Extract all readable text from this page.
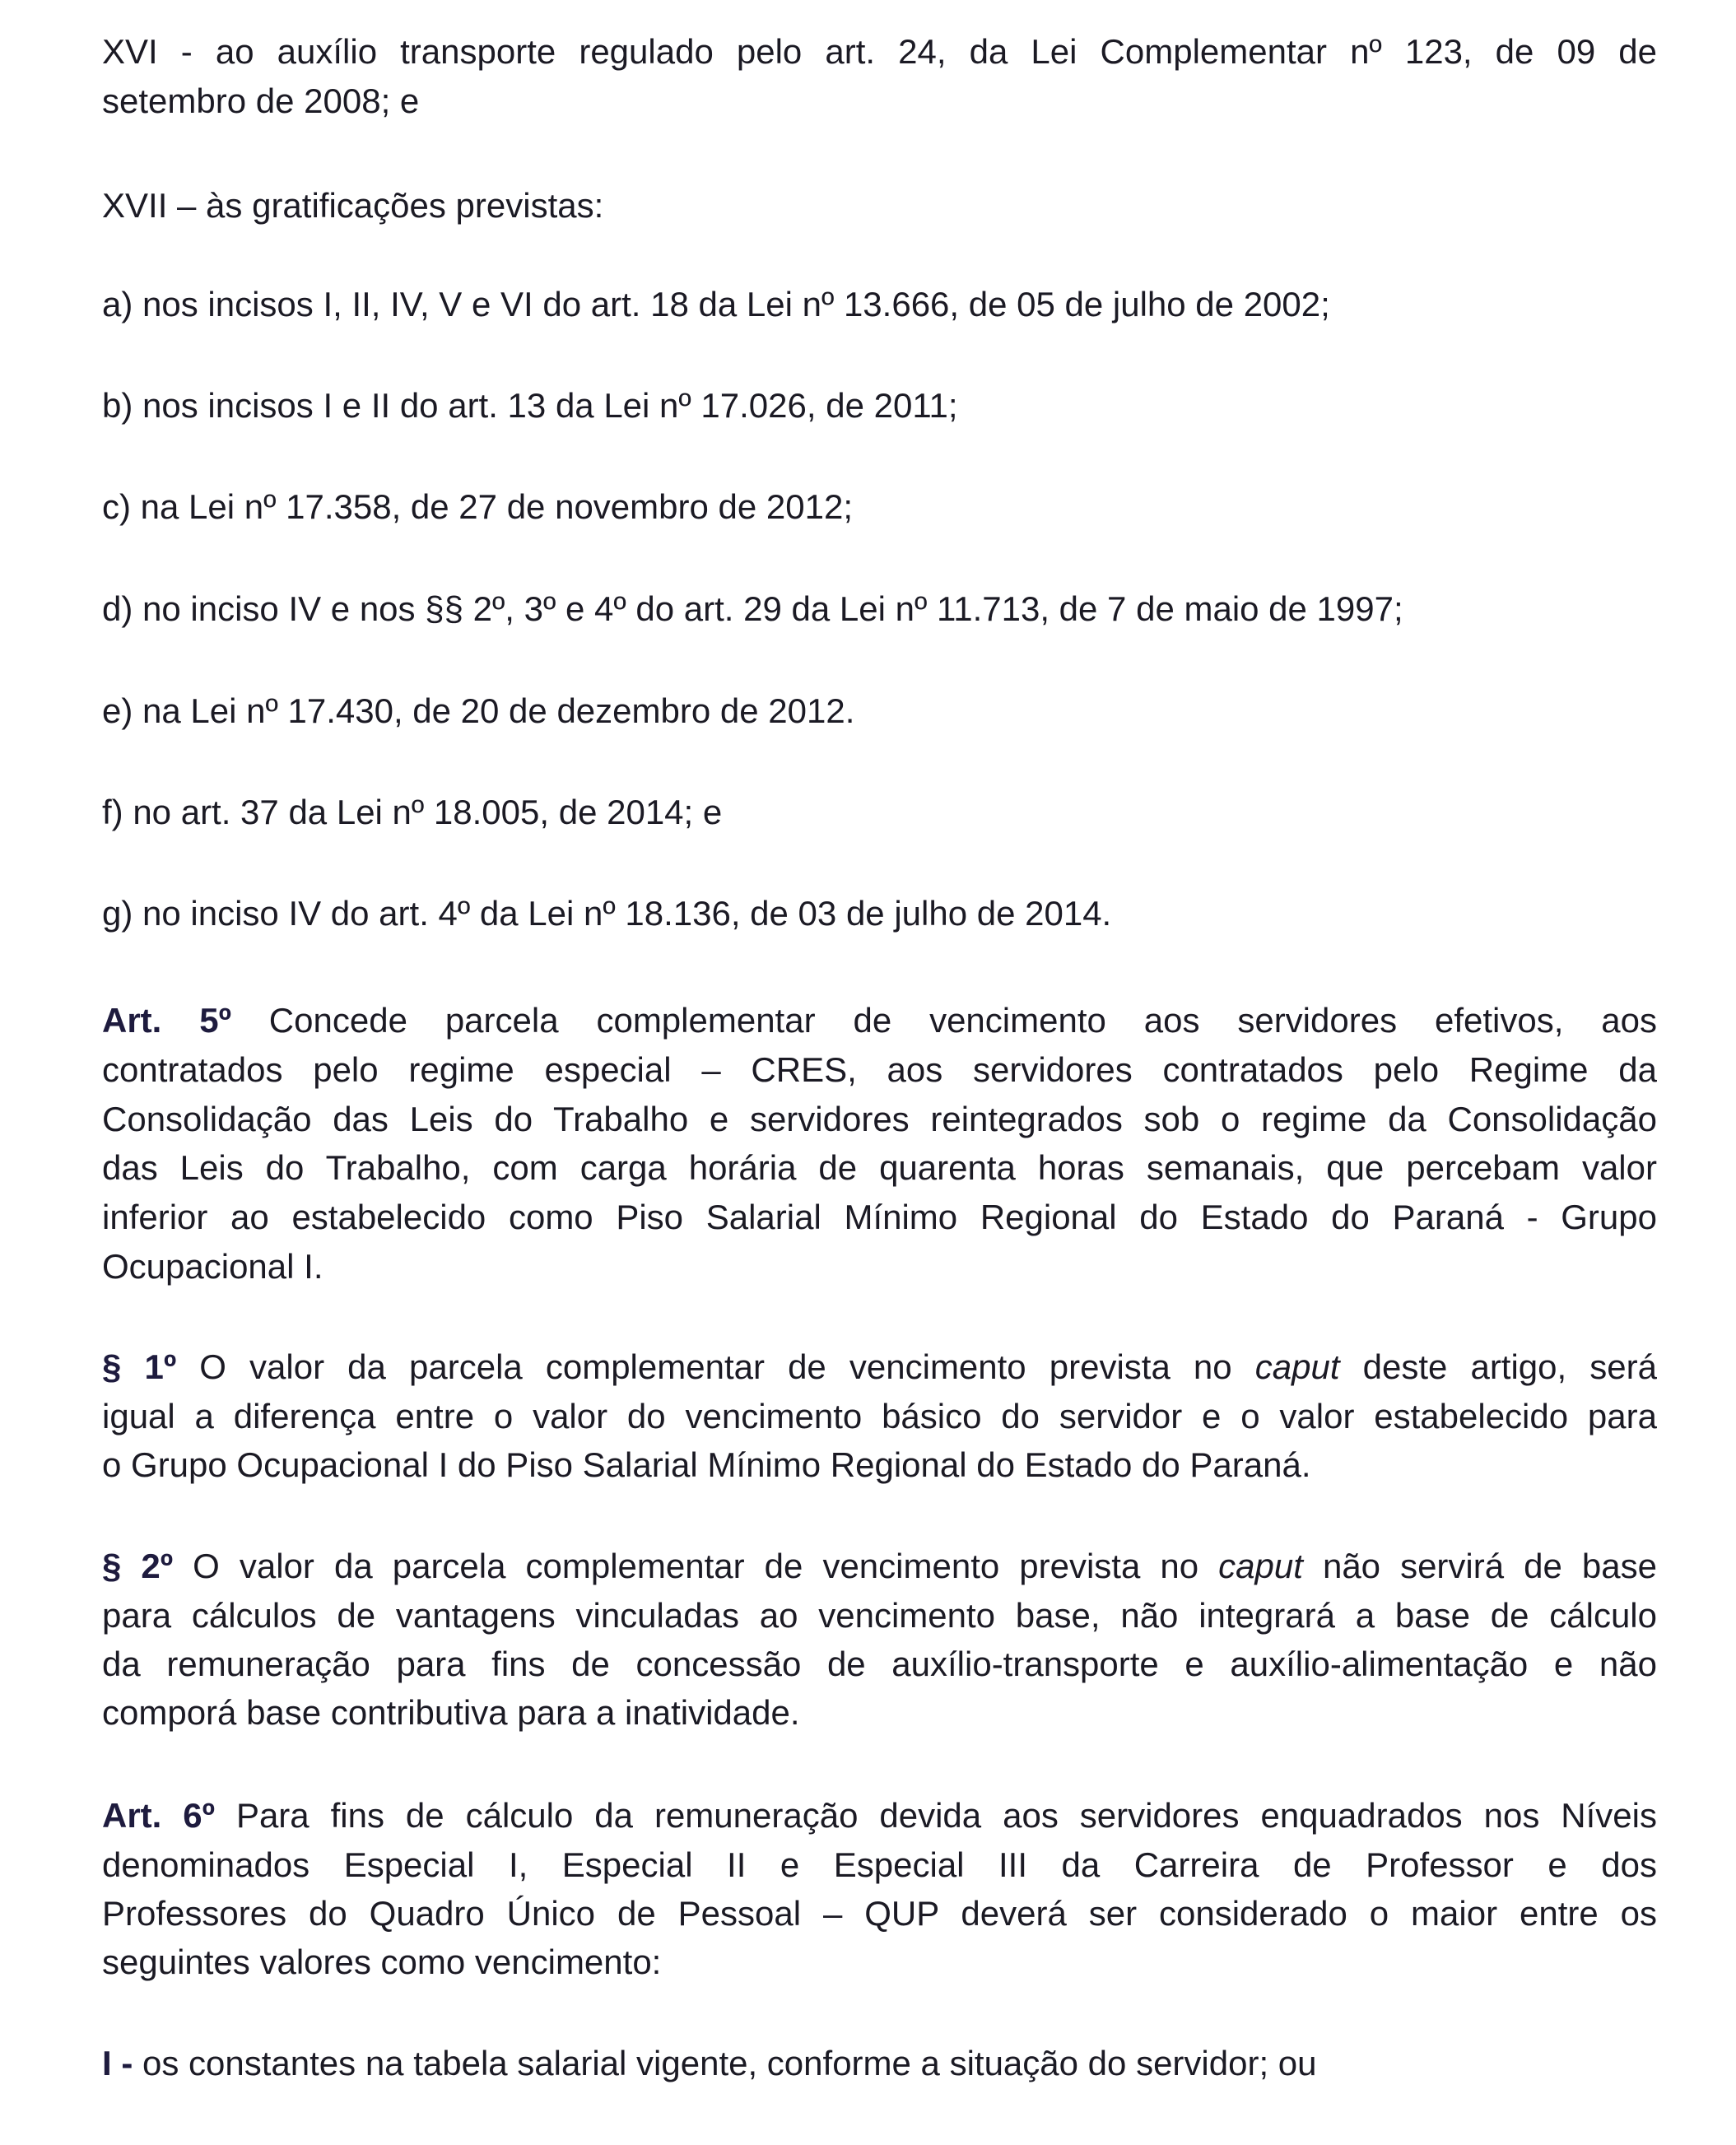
XVI - ao auxílio transporte regulado pelo art. 24, da Lei Complementar nº 123, de 09 de
setembro de 2008; e
XVII – às gratificações previstas:
a) nos incisos I, II, IV, V e VI do art. 18 da Lei nº 13.666, de 05 de julho de 2002;
b) nos incisos I e II do art. 13 da Lei nº 17.026, de 2011;
c) na Lei nº 17.358, de 27 de novembro de 2012;
d) no inciso IV e nos §§ 2º, 3º e 4º do art. 29 da Lei nº 11.713, de 7 de maio de 1997;
e) na Lei nº 17.430, de 20 de dezembro de 2012.
f) no art. 37 da Lei nº 18.005, de 2014; e
g) no inciso IV do art. 4º da Lei nº 18.136, de 03 de julho de 2014.
Art. 5º Concede parcela complementar de vencimento aos servidores efetivos, aos
contratados pelo regime especial – CRES, aos servidores contratados pelo Regime da
Consolidação das Leis do Trabalho e servidores reintegrados sob o regime da Consolidação
das Leis do Trabalho, com carga horária de quarenta horas semanais, que percebam valor
inferior ao estabelecido como Piso Salarial Mínimo Regional do Estado do Paraná - Grupo
Ocupacional I.
§ 1º O valor da parcela complementar de vencimento prevista no caput deste artigo, será
igual a diferença entre o valor do vencimento básico do servidor e o valor estabelecido para
o Grupo Ocupacional I do Piso Salarial Mínimo Regional do Estado do Paraná.
§ 2º O valor da parcela complementar de vencimento prevista no caput não servirá de base
para cálculos de vantagens vinculadas ao vencimento base, não integrará a base de cálculo
da remuneração para fins de concessão de auxílio-transporte e auxílio-alimentação e não
comporá base contributiva para a inatividade.
Art. 6º Para fins de cálculo da remuneração devida aos servidores enquadrados nos Níveis
denominados Especial I, Especial II e Especial III da Carreira de Professor e dos
Professores do Quadro Único de Pessoal – QUP deverá ser considerado o maior entre os
seguintes valores como vencimento:
I - os constantes na tabela salarial vigente, conforme a situação do servidor; ou
